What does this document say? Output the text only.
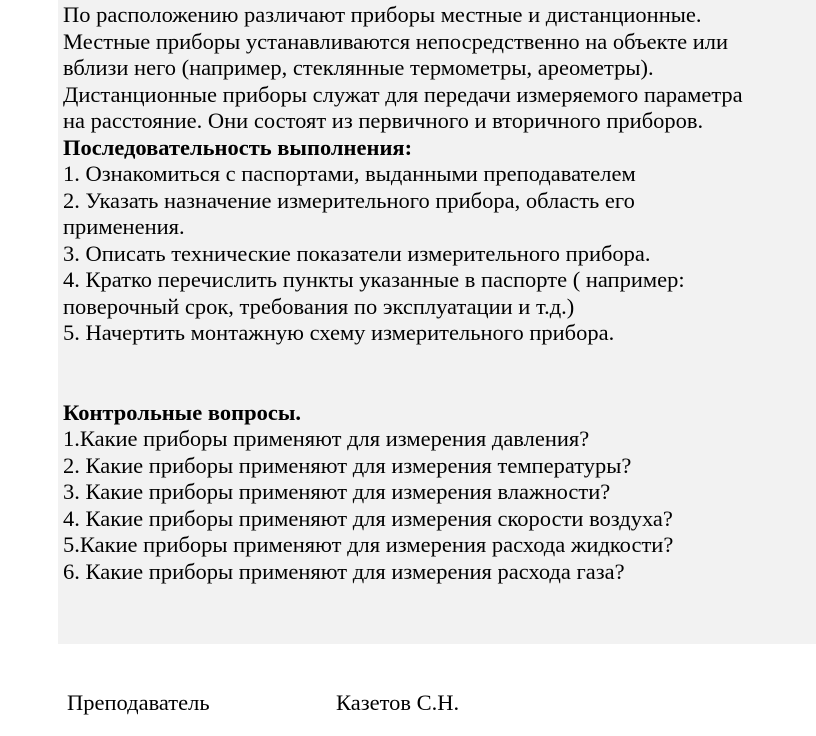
По расположению различают приборы местные и дистанционные.

Местные приборы устанавливаются непосредственно на объекте или

вблизи него (например, стеклянные термометры, ареометры).

Дистанционные приборы служат для передачи измеряемого параметра

на расстояние. Они состоят из первичного и вторичного приборов.

Последовательность выполнения:

1. Ознакомиться с паспортами, выданными преподавателем

2. Указать назначение измерительного прибора, область его

применения.

3. Описать технические показатели измерительного прибора.

4. Кратко перечислить пункты указанные в паспорте ( например:

поверочный срок, требования по эксплуатации и т.д.)

5. Начертить монтажную схему измерительного прибора.

Контрольные вопросы.

1.Какие приборы применяют для измерения давления?

2. Какие приборы применяют для измерения температуры?

3. Какие приборы применяют для измерения влажности?

4. Какие приборы применяют для измерения скорости воздуха?

5.Какие приборы применяют для измерения расхода жидкости?

6. Какие приборы применяют для измерения расхода газа?

Преподаватель	Казетов С.Н.
